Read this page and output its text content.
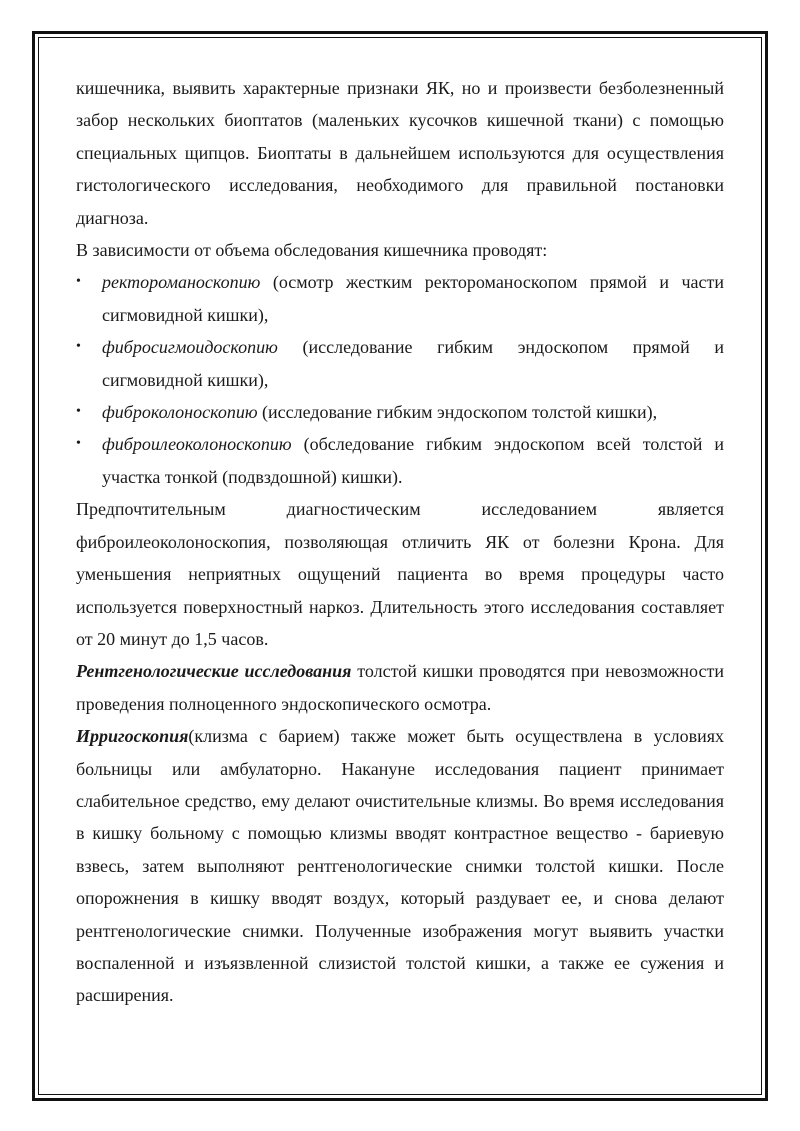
кишечника, выявить характерные признаки ЯК, но и произвести безболезненный забор нескольких биоптатов (маленьких кусочков кишечной ткани) с помощью специальных щипцов. Биоптаты в дальнейшем используются для осуществления гистологического исследования, необходимого для правильной постановки диагноза.

В зависимости от объема обследования кишечника проводят:

• ректороманоскопию (осмотр жестким ректороманоскопом прямой и части сигмовидной кишки),
• фибросигмоидоскопию (исследование гибким эндоскопом прямой и сигмовидной кишки),
• фиброколоноскопию (исследование гибким эндоскопом толстой кишки),
• фиброилеоколоноскопию (обследование гибким эндоскопом всей толстой и участка тонкой (подвздошной) кишки).

Предпочтительным диагностическим исследованием является фиброилеоколоноскопия, позволяющая отличить ЯК от болезни Крона. Для уменьшения неприятных ощущений пациента во время процедуры часто используется поверхностный наркоз. Длительность этого исследования составляет от 20 минут до 1,5 часов.

Рентгенологические исследования толстой кишки проводятся при невозможности проведения полноценного эндоскопического осмотра.

Ирригоскопия(клизма с барием) также может быть осуществлена в условиях больницы или амбулаторно. Накануне исследования пациент принимает слабительное средство, ему делают очистительные клизмы. Во время исследования в кишку больному с помощью клизмы вводят контрастное вещество - бариевую взвесь, затем выполняют рентгенологические снимки толстой кишки. После опорожнения в кишку вводят воздух, который раздувает ее, и снова делают рентгенологические снимки. Полученные изображения могут выявить участки воспаленной и изъязвленной слизистой толстой кишки, а также ее сужения и расширения.
